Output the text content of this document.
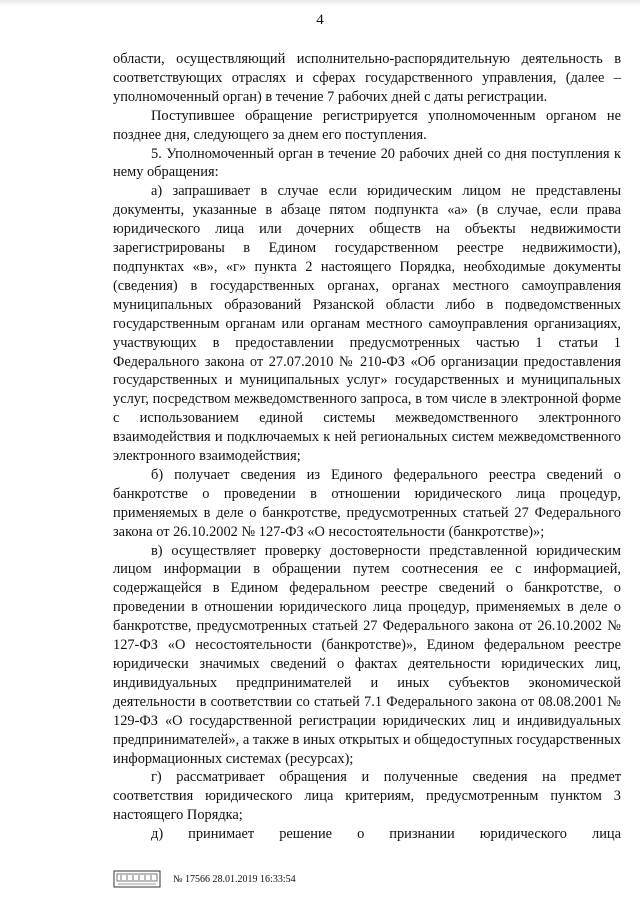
4

области, осуществляющий исполнительно-распорядительную деятельность в соответствующих отраслях и сферах государственного управления, (далее – уполномоченный орган) в течение 7 рабочих дней с даты регистрации.

Поступившее обращение регистрируется уполномоченным органом не позднее дня, следующего за днем его поступления.

5. Уполномоченный орган в течение 20 рабочих дней со дня поступления к нему обращения:

а) запрашивает в случае если юридическим лицом не представлены документы, указанные в абзаце пятом подпункта «а» (в случае, если права юридического лица или дочерних обществ на объекты недвижимости зарегистрированы в Едином государственном реестре недвижимости), подпунктах «в», «г» пункта 2 настоящего Порядка, необходимые документы (сведения) в государственных органах, органах местного самоуправления муниципальных образований Рязанской области либо в подведомственных государственным органам или органам местного самоуправления организациях, участвующих в предоставлении предусмотренных частью 1 статьи 1 Федерального закона от 27.07.2010 № 210-ФЗ «Об организации предоставления государственных и муниципальных услуг» государственных и муниципальных услуг, посредством межведомственного запроса, в том числе в электронной форме с использованием единой системы межведомственного электронного взаимодействия и подключаемых к ней региональных систем межведомственного электронного взаимодействия;

б) получает сведения из Единого федерального реестра сведений о банкротстве о проведении в отношении юридического лица процедур, применяемых в деле о банкротстве, предусмотренных статьей 27 Федерального закона от 26.10.2002 № 127-ФЗ «О несостоятельности (банкротстве)»;

в) осуществляет проверку достоверности представленной юридическим лицом информации в обращении путем соотнесения ее с информацией, содержащейся в Едином федеральном реестре сведений о банкротстве, о проведении в отношении юридического лица процедур, применяемых в деле о банкротстве, предусмотренных статьей 27 Федерального закона от 26.10.2002 № 127-ФЗ «О несостоятельности (банкротстве)», Едином федеральном реестре юридически значимых сведений о фактах деятельности юридических лиц, индивидуальных предпринимателей и иных субъектов экономической деятельности в соответствии со статьей 7.1 Федерального закона от 08.08.2001 № 129-ФЗ «О государственной регистрации юридических лиц и индивидуальных предпринимателей», а также в иных открытых и общедоступных государственных информационных системах (ресурсах);

г) рассматривает обращения и полученные сведения на предмет соответствия юридического лица критериям, предусмотренным пунктом 3 настоящего Порядка;

д) принимает решение о признании юридического лица

№ 17566 28.01.2019 16:33:54
